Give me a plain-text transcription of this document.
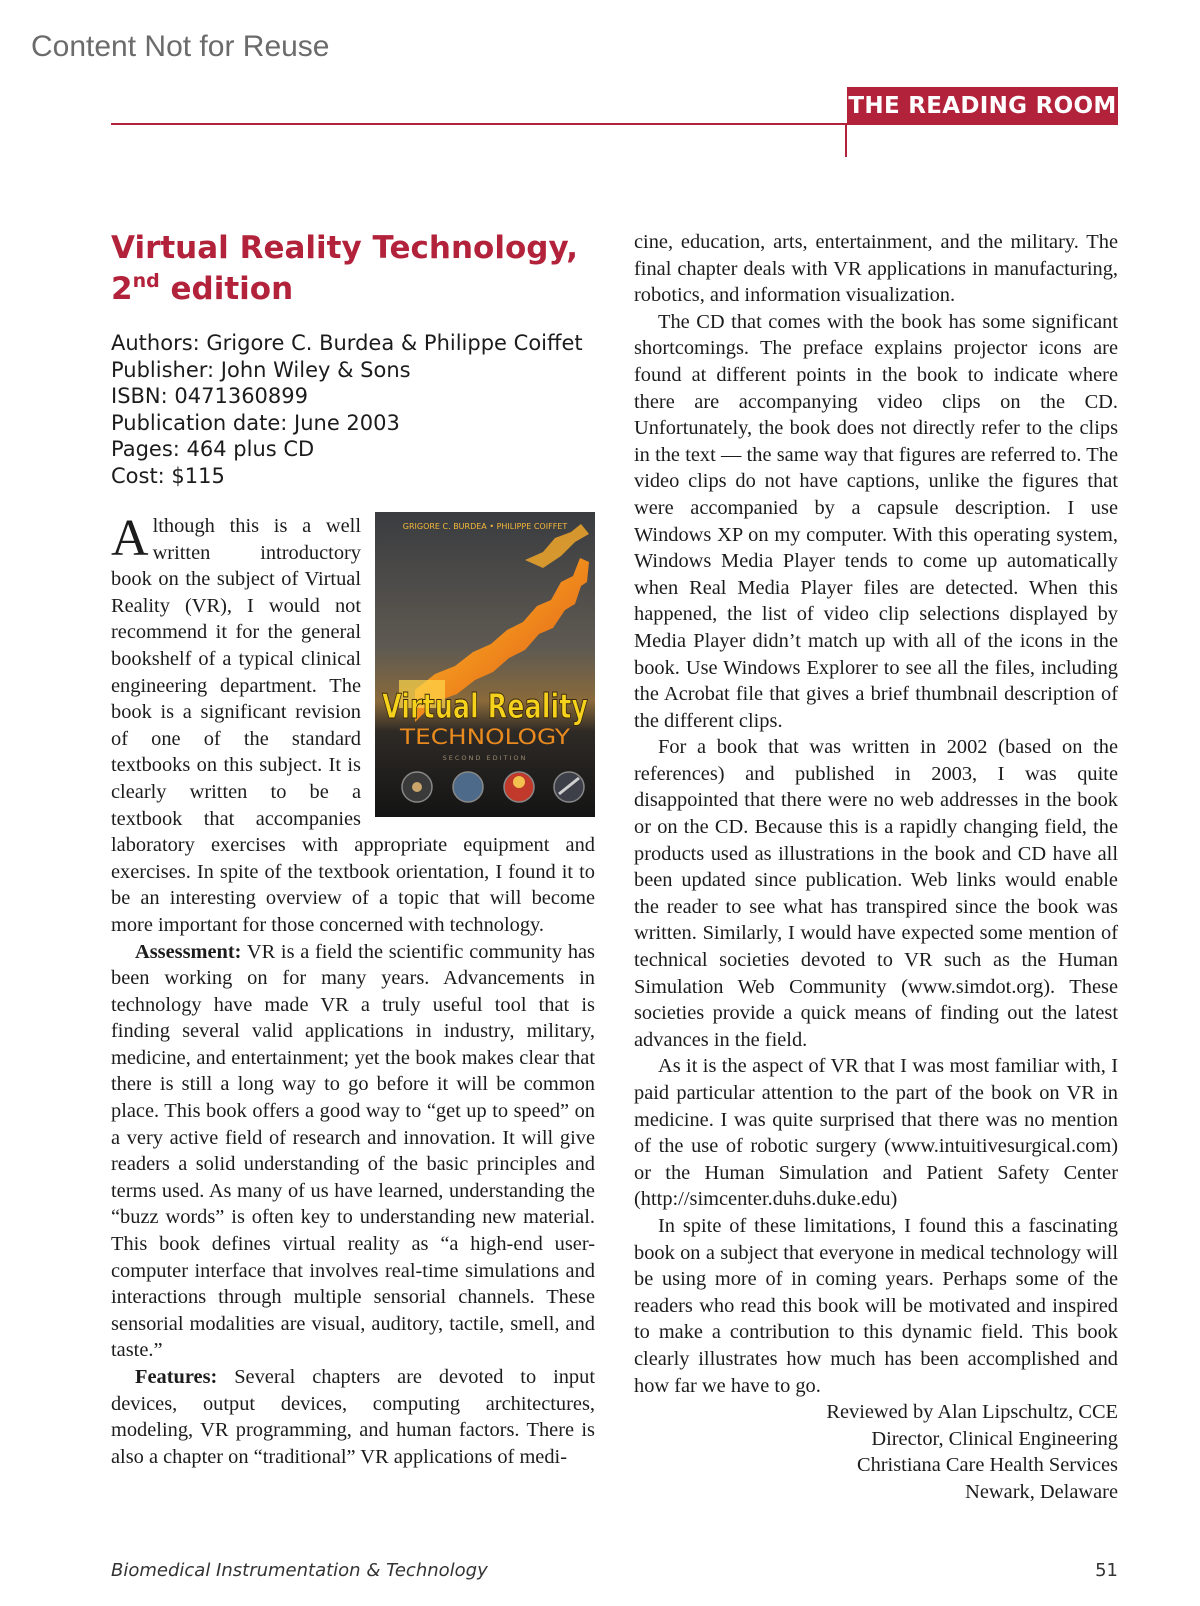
Content Not for Reuse
THE READING ROOM
Virtual Reality Technology,
2nd edition
Authors: Grigore C. Burdea & Philippe Coiffet
Publisher: John Wiley & Sons
ISBN: 0471360899
Publication date: June 2003
Pages: 464 plus CD
Cost: $115
GRIGORE C. BURDEA • PHILIPPE COIFFET
Virtual Reality
TECHNOLOGY
SECOND EDITION

Although this is a well written introductory book on the subject of Virtual Reality (VR), I would not recommend it for the general bookshelf of a typical clinical engineering department. The book is a significant revision of one of the standard textbooks on this subject. It is clearly written to be a textbook that accompanies laboratory exercises with appropriate equipment and exercises. In spite of the textbook orientation, I found it to be an interesting overview of a topic that will become more important for those concerned with technology.

Assessment: VR is a field the scientific community has been working on for many years. Advancements in technology have made VR a truly useful tool that is finding several valid applications in industry, military, medicine, and entertainment; yet the book makes clear that there is still a long way to go before it will be common place. This book offers a good way to “get up to speed” on a very active field of research and innovation. It will give readers a solid understanding of the basic principles and terms used. As many of us have learned, understanding the “buzz words” is often key to understanding new material. This book defines virtual reality as “a high-end user-computer interface that involves real-time simulations and interactions through multiple sensorial channels. These sensorial modalities are visual, auditory, tactile, smell, and taste.”

Features: Several chapters are devoted to input devices, output devices, computing architectures, modeling, VR programming, and human factors. There is also a chapter on “traditional” VR applications of medi-

cine, education, arts, entertainment, and the military. The final chapter deals with VR applications in manufacturing, robotics, and information visualization.

The CD that comes with the book has some significant shortcomings. The preface explains projector icons are found at different points in the book to indicate where there are accompanying video clips on the CD. Unfortunately, the book does not directly refer to the clips in the text — the same way that figures are referred to. The video clips do not have captions, unlike the figures that were accompanied by a capsule description. I use Windows XP on my computer. With this operating system, Windows Media Player tends to come up automatically when Real Media Player files are detected. When this happened, the list of video clip selections displayed by Media Player didn’t match up with all of the icons in the book. Use Windows Explorer to see all the files, including the Acrobat file that gives a brief thumbnail description of the different clips.

For a book that was written in 2002 (based on the references) and published in 2003, I was quite disappointed that there were no web addresses in the book or on the CD. Because this is a rapidly changing field, the products used as illustrations in the book and CD have all been updated since publication. Web links would enable the reader to see what has transpired since the book was written. Similarly, I would have expected some mention of technical societies devoted to VR such as the Human Simulation Web Community (www.simdot.org). These societies provide a quick means of finding out the latest advances in the field.

As it is the aspect of VR that I was most familiar with, I paid particular attention to the part of the book on VR in medicine. I was quite surprised that there was no mention of the use of robotic surgery (www.intuitivesurgical.com) or the Human Simulation and Patient Safety Center (http://simcenter.duhs.duke.edu)

In spite of these limitations, I found this a fascinating book on a subject that everyone in medical technology will be using more of in coming years. Perhaps some of the readers who read this book will be motivated and inspired to make a contribution to this dynamic field. This book clearly illustrates how much has been accomplished and how far we have to go.

Reviewed by Alan Lipschultz, CCE

Director, Clinical Engineering

Christiana Care Health Services

Newark, Delaware

Biomedical Instrumentation & Technology	51
